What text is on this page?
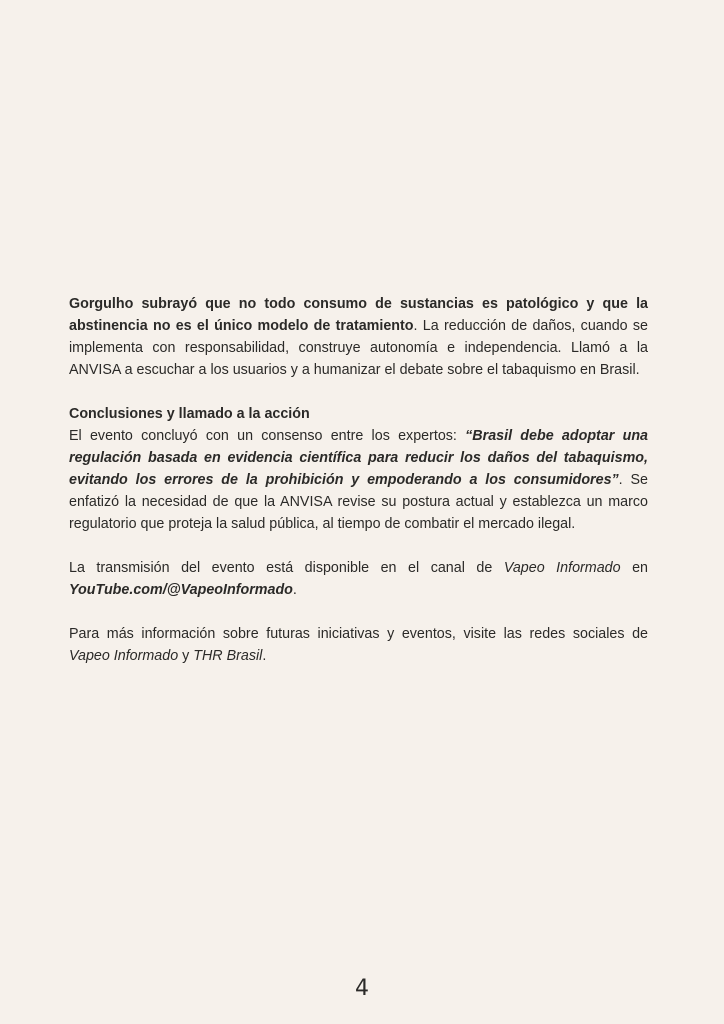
Gorgulho subrayó que no todo consumo de sustancias es patológico y que la abstinencia no es el único modelo de tratamiento. La reducción de daños, cuando se implementa con responsabilidad, construye autonomía e independencia. Llamó a la ANVISA a escuchar a los usuarios y a humanizar el debate sobre el tabaquismo en Brasil.

Conclusiones y llamado a la acción
El evento concluyó con un consenso entre los expertos: “Brasil debe adoptar una regulación basada en evidencia científica para reducir los daños del tabaquismo, evitando los errores de la prohibición y empoderando a los consumidores”. Se enfatizó la necesidad de que la ANVISA revise su postura actual y establezca un marco regulatorio que proteja la salud pública, al tiempo de combatir el mercado ilegal.

La transmisión del evento está disponible en el canal de Vapeo Informado en YouTube.com/@VapeoInformado.

Para más información sobre futuras iniciativas y eventos, visite las redes sociales de Vapeo Informado y THR Brasil.

4
